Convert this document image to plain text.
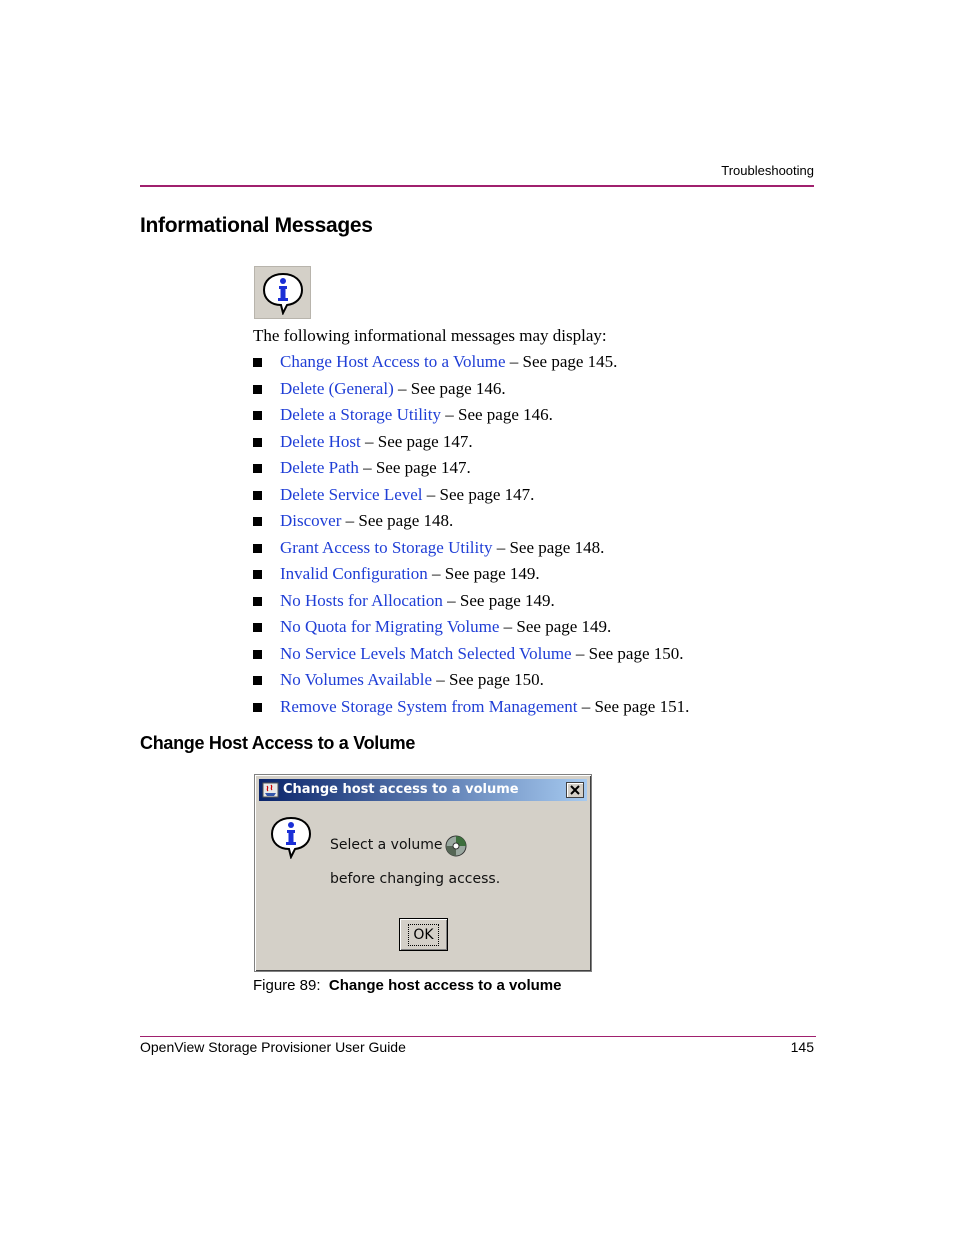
Troubleshooting
Informational Messages
The following informational messages may display:
Change Host Access to a Volume – See page 145.
Delete (General) – See page 146.
Delete a Storage Utility – See page 146.
Delete Host – See page 147.
Delete Path – See page 147.
Delete Service Level – See page 147.
Discover – See page 148.
Grant Access to Storage Utility – See page 148.
Invalid Configuration – See page 149.
No Hosts for Allocation – See page 149.
No Quota for Migrating Volume – See page 149.
No Service Levels Match Selected Volume – See page 150.
No Volumes Available – See page 150.
Remove Storage System from Management – See page 151.
Change Host Access to a Volume
Change host access to a volume
Select a volume
before changing access.
OK
Figure 89: Change host access to a volume
OpenView Storage Provisioner User Guide	145
